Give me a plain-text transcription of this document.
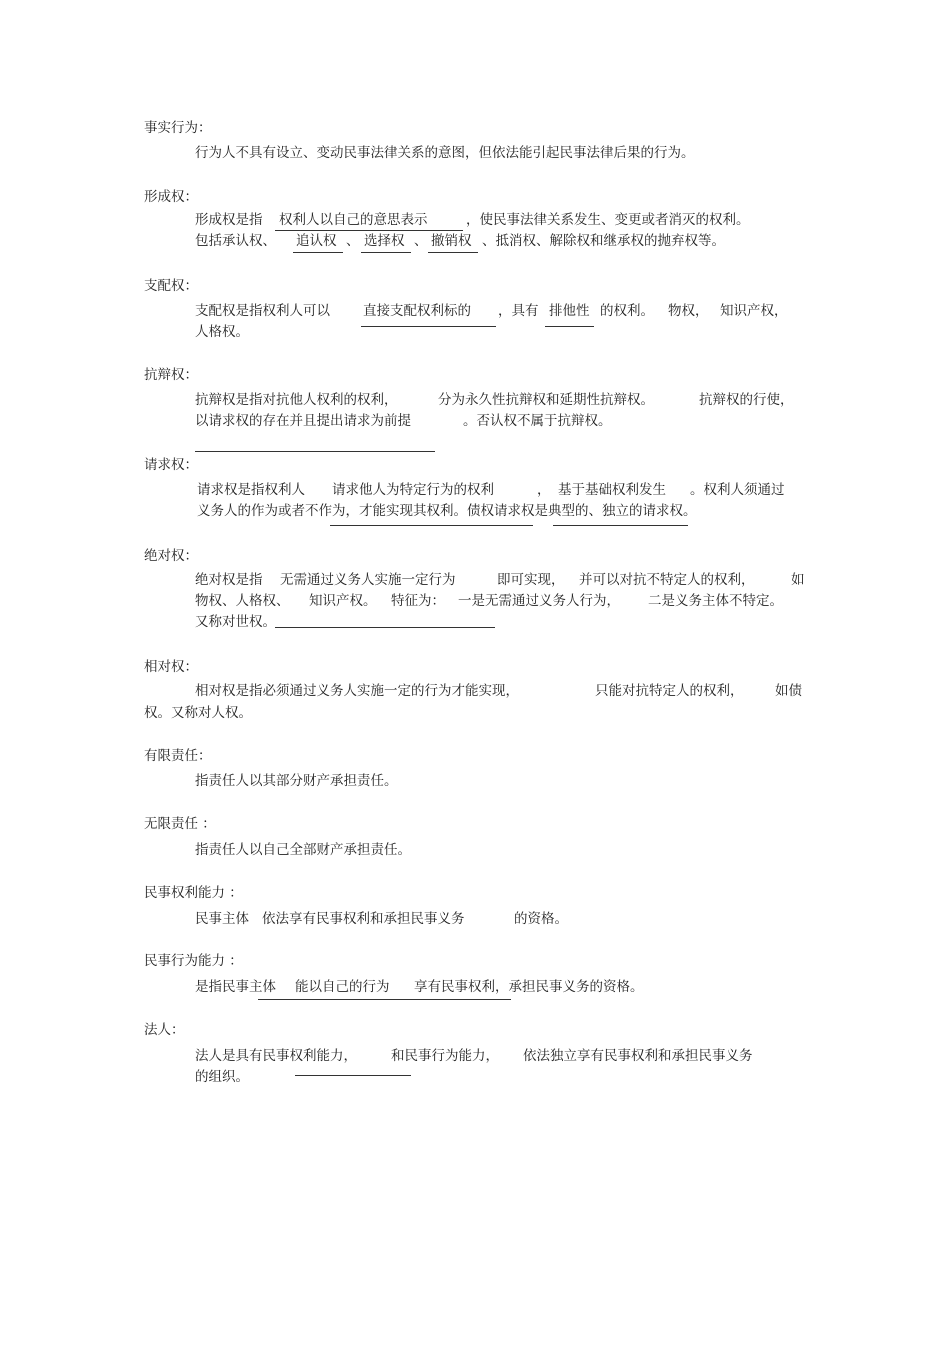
事实行为：
行为人不具有设立、变动民事法律关系的意图，但依法能引起民事法律后果的行为。
形成权：
形成权是指 权利人以自己的意思表示	，使民事法律关系发生、变更或者消灭的权利。
包括承认权、 追认权 、 选择权 、 撤销权 、抵消权、解除权和继承权的抛弃权等。
支配权：
支配权是指权利人可以 直接支配权利标的 ，具有 排他性 的权利。 物权， 知识产权，
人格权。
抗辩权：
抗辩权是指对抗他人权利的权利，	分为永久性抗辩权和延期性抗辩权。	抗辩权的行使，
以请求权的存在并且提出请求为前提	。否认权不属于抗辩权。
请求权：
请求权是指权利人 请求他人为特定行为的权利	， 基于基础权利发生 。权利人须通过
义务人的作为或者不作为，才能实现其权利。债权请求权是典型的、独立的请求权。
绝对权：
绝对权是指 无需通过义务人实施一定行为	即可实现， 并可以对抗不特定人的权利，	如
物权、人格权、 知识产权。 特征为： 一是无需通过义务人行为， 二是义务主体不特定。
又称对世权。
相对权：
相对权是指必须通过义务人实施一定的行为才能实现，	只能对抗特定人的权利， 如债
权。又称对人权。
有限责任：
指责任人以其部分财产承担责任。
无限责任 ：
指责任人以自己全部财产承担责任。
民事权利能力 ：
民事主体 依法享有民事权利和承担民事义务	的资格。
民事行为能力 ：
是指民事主体 能以自己的行为 享有民事权利，承担民事义务的资格。
法人：
法人是具有民事权利能力，	和民事行为能力， 依法独立享有民事权利和承担民事义务
的组织。
